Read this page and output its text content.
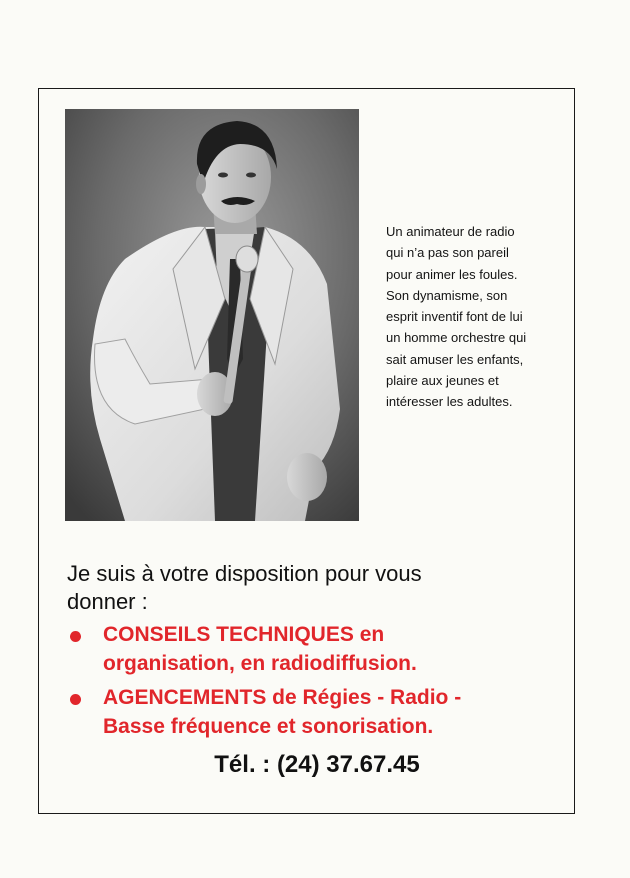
Un animateur de radio
qui n’a pas son pareil
pour animer les foules.
Son dynamisme, son
esprit inventif font de lui
un homme orchestre qui
sait amuser les enfants,
plaire aux jeunes et
intéresser les adultes.

Je suis à votre disposition pour vous
donner :
CONSEILS TECHNIQUES en
organisation, en radiodiffusion.
AGENCEMENTS de Régies - Radio -
Basse fréquence et sonorisation.
Tél. : (24) 37.67.45
